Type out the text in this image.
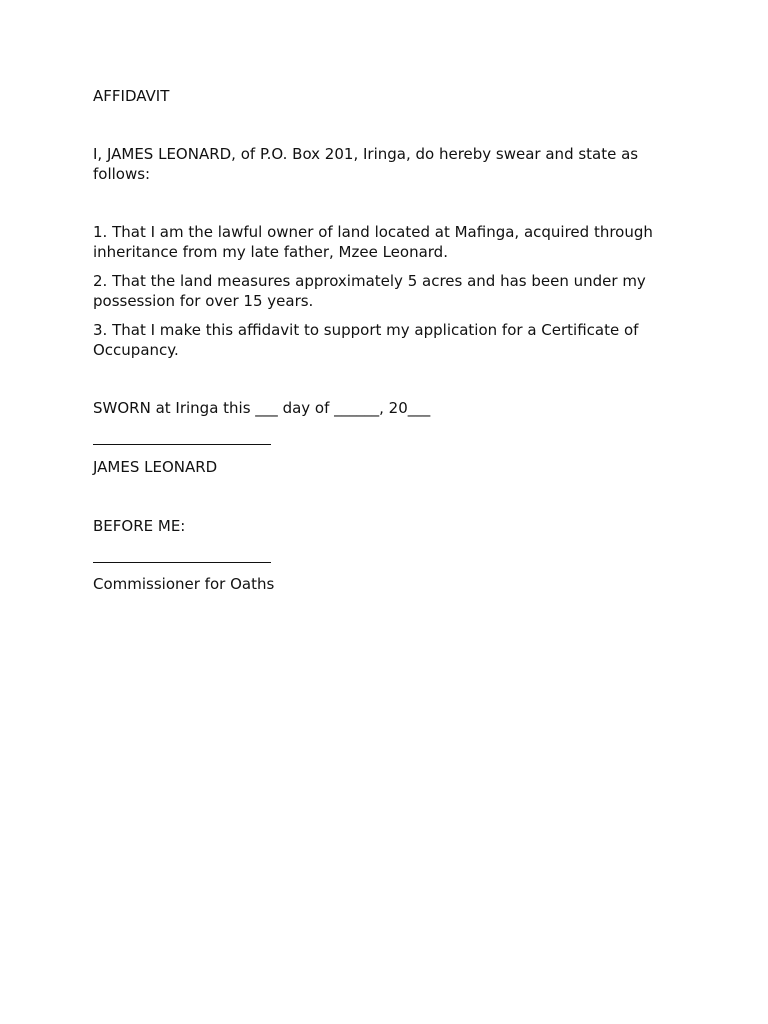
AFFIDAVIT

I, JAMES LEONARD, of P.O. Box 201, Iringa, do hereby swear and state as follows:

1. That I am the lawful owner of land located at Mafinga, acquired through inheritance from my late father, Mzee Leonard.

2. That the land measures approximately 5 acres and has been under my possession for over 15 years.

3. That I make this affidavit to support my application for a Certificate of Occupancy.

SWORN at Iringa this ___ day of ______, 20___

JAMES LEONARD

BEFORE ME:

Commissioner for Oaths
